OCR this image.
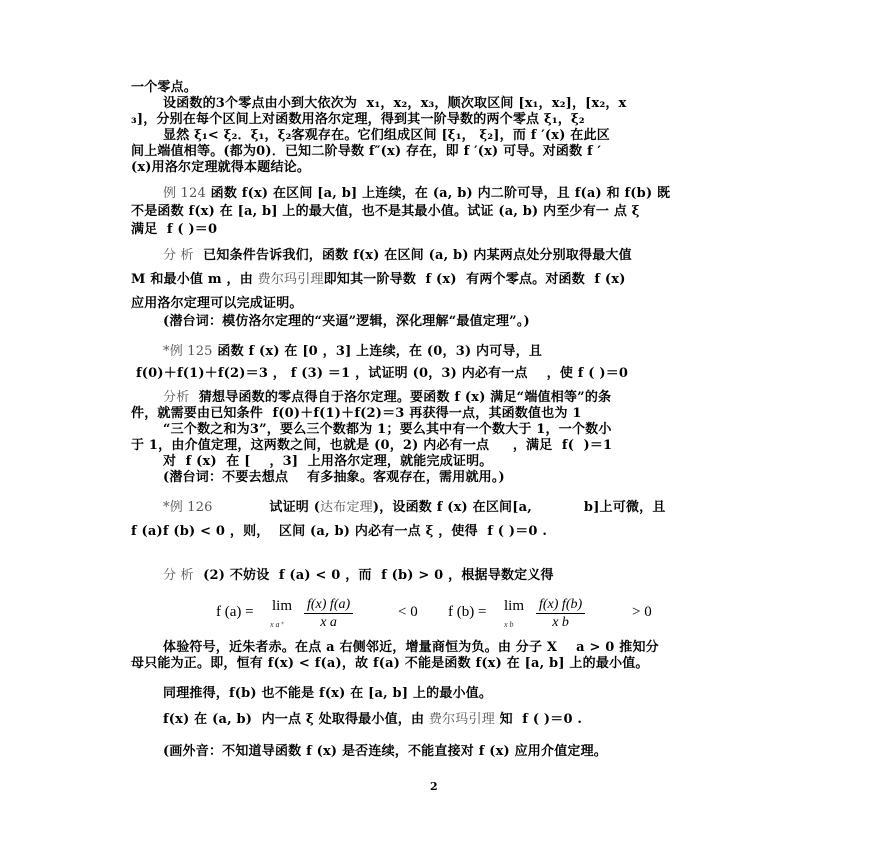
一个零点。
设函数的3个零点由小到大依次为  x₁，x₂，x₃，顺次取区间 [x₁，x₂]，[x₂，x
₃]，分别在每个区间上对函数用洛尔定理，得到其一阶导数的两个零点 ξ₁，ξ₂
显然 ξ₁< ξ₂．ξ₁，ξ₂客观存在。它们组成区间 [ξ₁， ξ₂]，而 f ′(x) 在此区
间上端值相等。(都为0)．已知二阶导数 f″(x) 存在，即 f ′(x) 可导。对函数 f ′
(x)用洛尔定理就得本题结论。
例 124 函数 f(x) 在区间 [a, b] 上连续，在 (a, b) 内二阶可导，且 f(a) 和 f(b) 既
不是函数 f(x) 在 [a, b] 上的最大值，也不是其最小值。试证 (a, b) 内至少有一 点 ξ
满足  f ( )＝0
分 析  已知条件告诉我们，函数 f(x) 在区间 (a, b) 内某两点处分别取得最大值
M 和最小值 m ，由 费尔玛引理即知其一阶导数  f (x)  有两个零点。对函数  f (x)
应用洛尔定理可以完成证明。
(潜台词：模仿洛尔定理的“夹逼”逻辑，深化理解“最值定理”。)
*例 125 函数 f (x) 在 [0 ，3] 上连续，在 (0，3) 内可导，且
f(0)＋f(1)＋f(2)＝3 ， f (3) ＝1 ，试证明 (0，3) 内必有一点    ，使 f ( )＝0
分析  猜想导函数的零点得自于洛尔定理。要函数 f (x) 满足“端值相等”的条
件，就需要由已知条件  f(0)＋f(1)＋f(2)＝3 再获得一点，其函数值也为 1
“三个数之和为3”，要么三个数都为 1；要么其中有一个数大于 1，一个数小
于 1，由介值定理，这两数之间，也就是 (0，2) 内必有一点     ，满足  f(  )＝1
对  f (x)  在 [    ，3]  上用洛尔定理，就能完成证明。
(潜台词：不要去想点    有多抽象。客观存在，需用就用。)
*例 126            试证明 (达布定理)，设函数 f (x) 在区间[a,           b]上可微，且
f (a)f (b) < 0 ，则，  区间 (a, b) 内必有一点 ξ ，使得  f ( )＝0 .
分 析  (2) 不妨设  f (a) < 0 ，而  f (b) > 0 ，根据导数定义得
f (a) = lim
x $a^+ \frac{f(x) f(a)}{\text{x a}}$	< 0 f (b) = lim
x b $\frac{f(x) f(b)}{\text{x b}}$	> 0
体验符号，近朱者赤。在点 a 右侧邻近，增量商恒为负。由 分子 X    a > 0 推知分
母只能为正。即，恒有 f(x) < f(a)，故 f(a) 不能是函数 f(x) 在 [a, b] 上的最小值。
同理推得，f(b) 也不能是 f(x) 在 [a, b] 上的最小值。
f(x) 在 (a, b)  内一点 ξ 处取得最小值，由 费尔玛引理 知  f ( )＝0 .
(画外音：不知道导函数 f (x) 是否连续，不能直接对 f (x) 应用介值定理。
2
